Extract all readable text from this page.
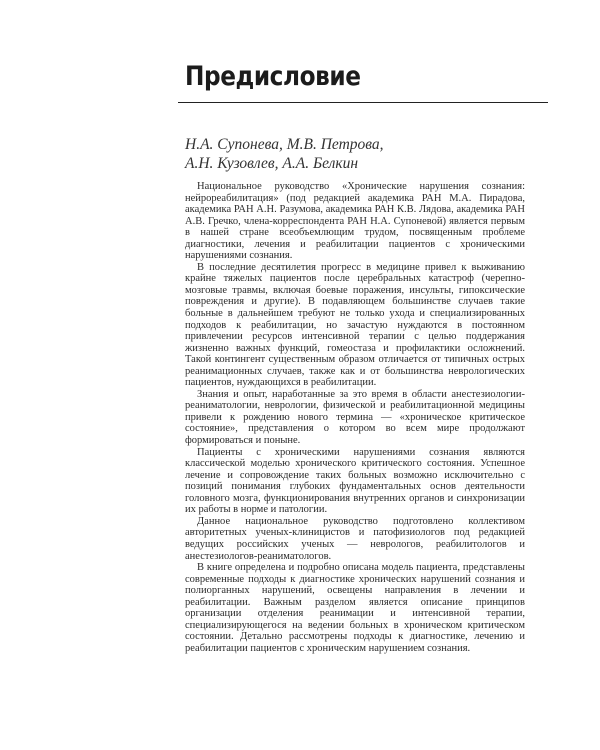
Предисловие
Н.А. Супонева, М.В. Петрова,
А.Н. Кузовлев, А.А. Белкин

Национальное руководство «Хронические нарушения сознания: нейрореабилитация» (под редакцией академика РАН М.А. Пирадова, академика РАН А.Н. Разумова, академика РАН К.В. Лядова, академика РАН А.В. Гречко, члена-корреспондента РАН Н.А. Супоневой) является первым в нашей стране всеобъемлющим трудом, посвященным проблеме диагностики, лечения и реабилитации пациентов с хроническими нарушениями сознания.

В последние десятилетия прогресс в медицине привел к выживанию крайне тяжелых пациентов после церебральных катастроф (черепно-мозговые травмы, включая боевые поражения, инсульты, гипоксические повреждения и другие). В подавляющем большинстве случаев такие больные в дальнейшем требуют не только ухода и специализированных подходов к реабилитации, но зачастую нуждаются в постоянном привлечении ресурсов интенсивной терапии с целью поддержания жизненно важных функций, гомеостаза и профилактики осложнений. Такой контингент существенным образом отличается от типичных острых реанимационных случаев, также как и от большинства неврологических пациентов, нуждающихся в реабилитации.

Знания и опыт, наработанные за это время в области анестезиологии-реаниматологии, неврологии, физической и реабилитационной медицины привели к рождению нового термина — «хроническое критическое состояние», представления о котором во всем мире продолжают формироваться и поныне.

Пациенты с хроническими нарушениями сознания являются классической моделью хронического критического состояния. Успешное лечение и сопровождение таких больных возможно исключительно с позиций понимания глубоких фундаментальных основ деятельности головного мозга, функционирования внутренних органов и синхронизации их работы в норме и патологии.

Данное национальное руководство подготовлено коллективом авторитетных ученых-клиницистов и патофизиологов под редакцией ведущих российских ученых — неврологов, реабилитологов и анестезиологов-реаниматологов.

В книге определена и подробно описана модель пациента, представлены современные подходы к диагностике хронических нарушений сознания и полиорганных нарушений, освещены направления в лечении и реабилитации. Важным разделом является описание принципов организации отделения реанимации и интенсивной терапии, специализирующегося на ведении больных в хроническом критическом состоянии. Детально рассмотрены подходы к диагностике, лечению и реабилитации пациентов с хроническим нарушением сознания.
